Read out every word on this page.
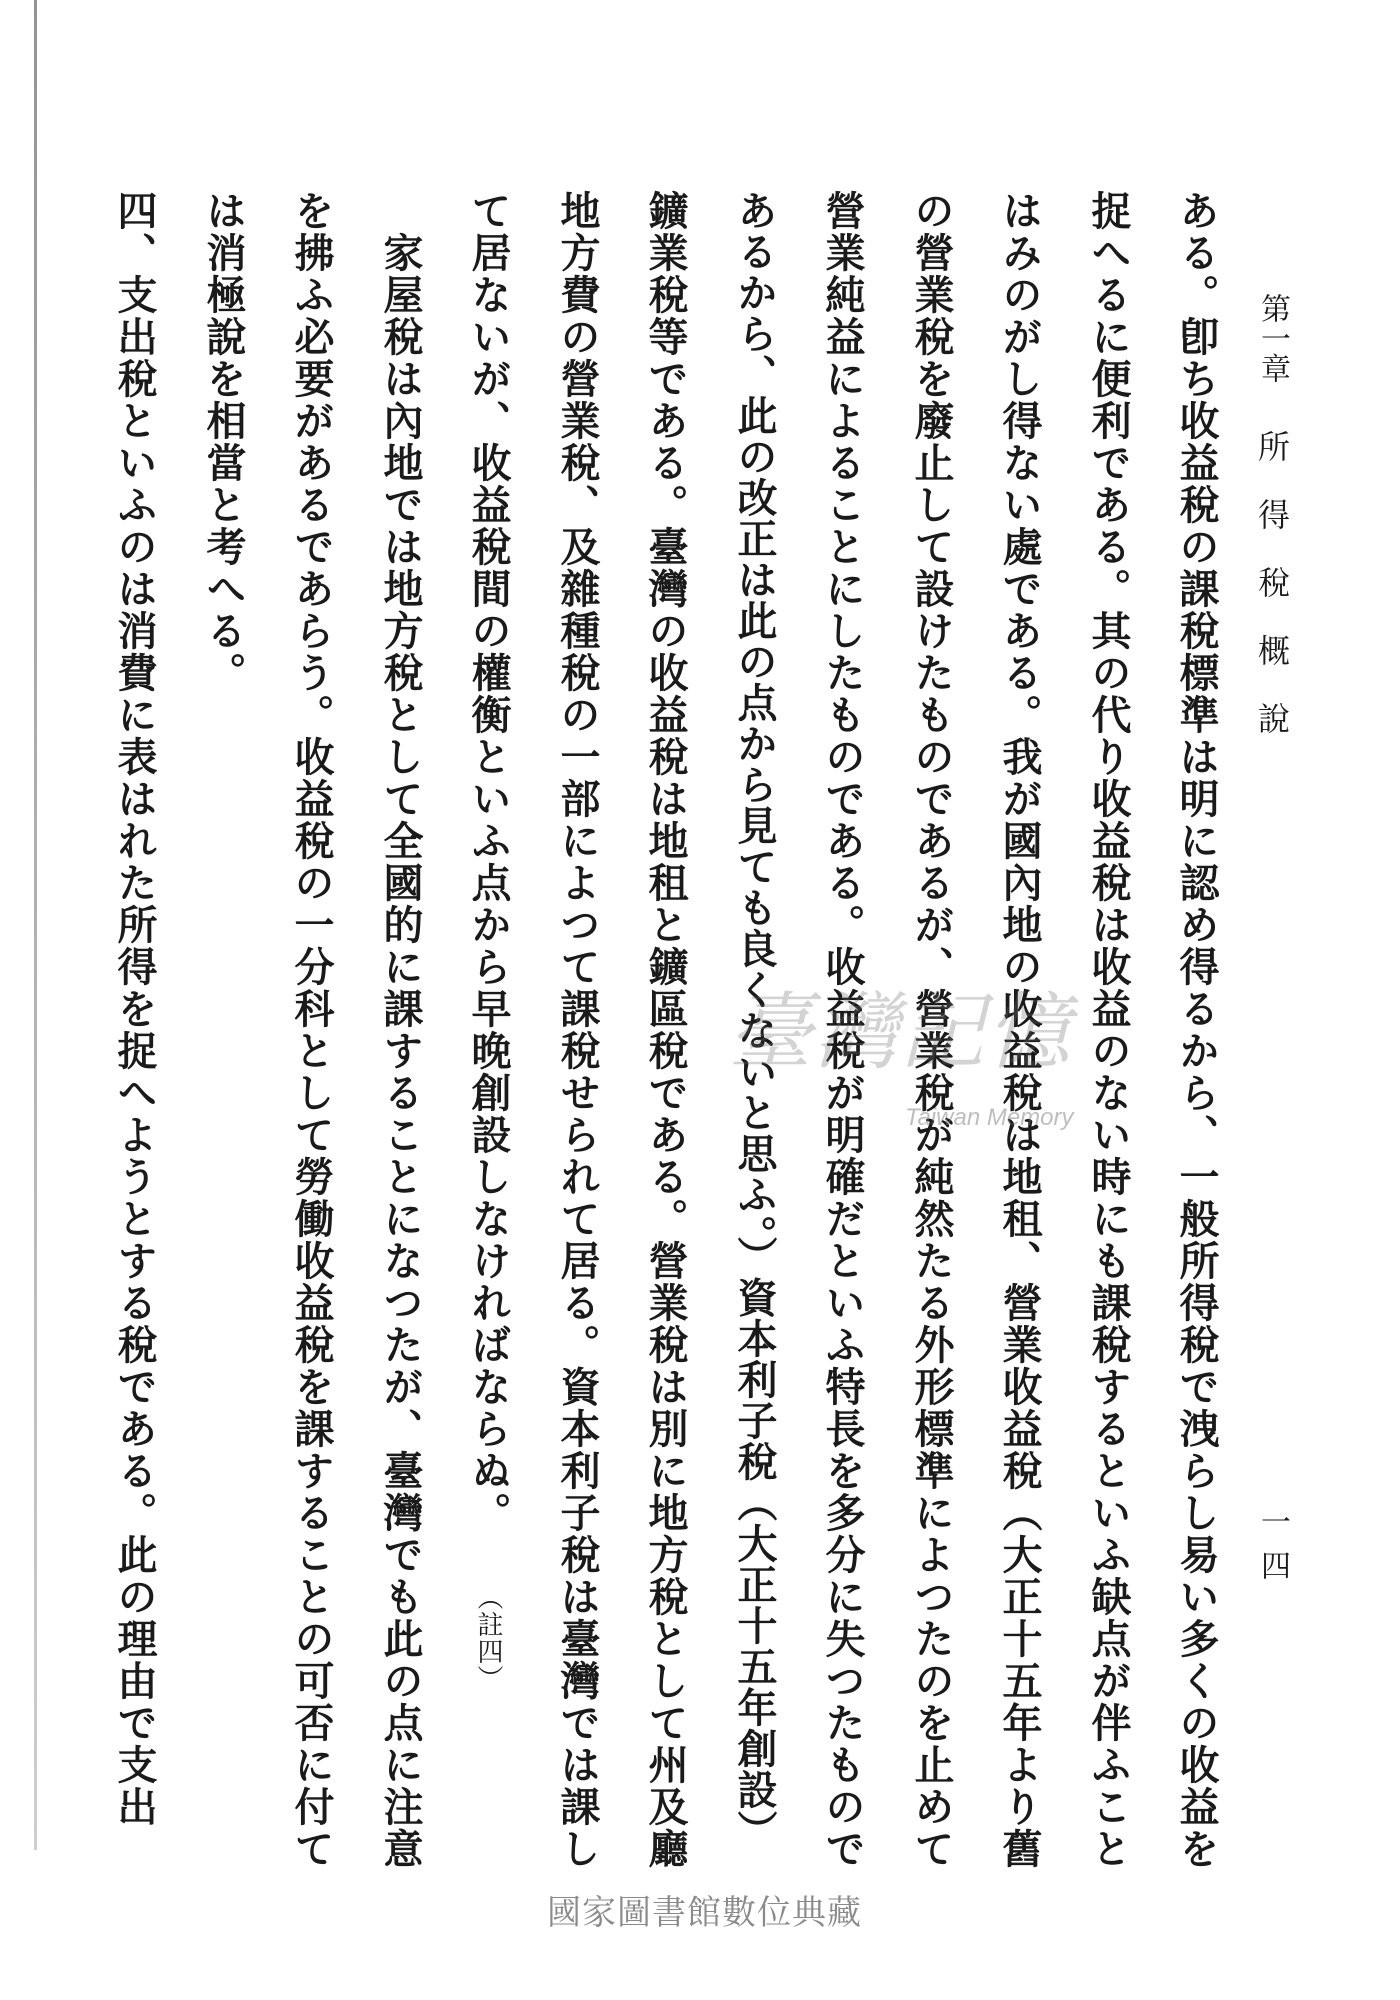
第一章
所得稅概說
一四
ある。卽ち收益稅の課稅標準は明に認め得るから、一般所得稅で洩らし易い多くの收益を
捉へるに便利である。其の代り收益稅は收益のない時にも課稅するといふ缺点が伴ふこと
はみのがし得ない處である。我が國內地の收益稅は地租、營業收益稅（大正十五年より舊
の營業稅を廢止して設けたものであるが、營業稅が純然たる外形標準によつたのを止めて
營業純益によることにしたものである。收益稅が明確だといふ特長を多分に失つたもので
あるから、此の改正は此の点から見ても良くないと思ふ。）資本利子稅（大正十五年創設）
鑛業稅等である。臺灣の收益稅は地租と鑛區稅である。營業稅は別に地方稅として州及廳
地方費の營業稅、及雜種稅の一部によつて課稅せられて居る。資本利子稅は臺灣では課し
て居ないが、收益稅間の權衡といふ点から早晚創設しなければならぬ。（註四）
家屋稅は內地では地方稅として全國的に課することになつたが、臺灣でも此の点に注意
を拂ふ必要があるであらう。收益稅の一分科として勞働收益稅を課することの可否に付て
は消極說を相當と考へる。
四、支出稅といふのは消費に表はれた所得を捉へようとする稅である。此の理由で支出	臺灣記憶
Taiwan Memory
國家圖書館數位典藏
